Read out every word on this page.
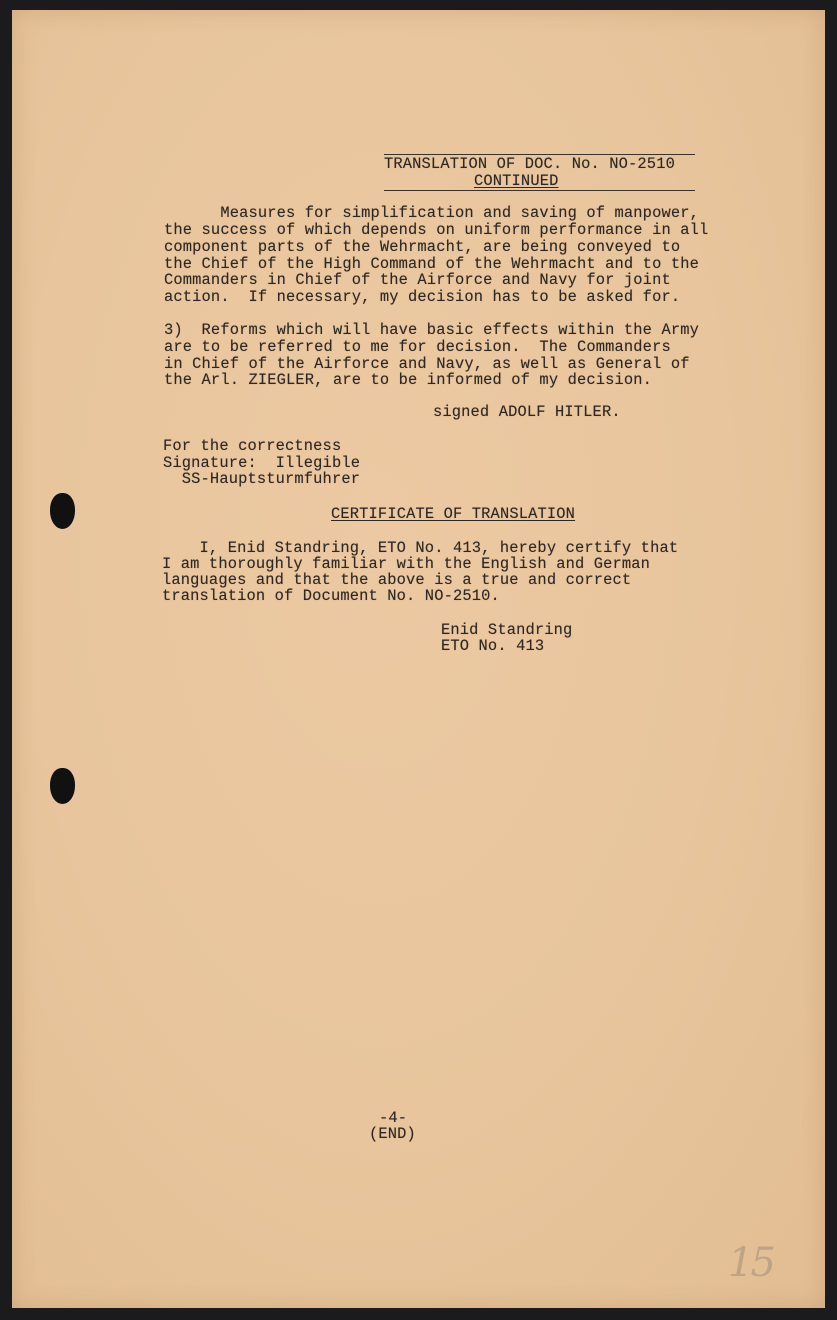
TRANSLATION OF DOC. No. NO-2510
CONTINUED
Measures for simplification and saving of manpower,
the success of which depends on uniform performance in all
component parts of the Wehrmacht, are being conveyed to
the Chief of the High Command of the Wehrmacht and to the
Commanders in Chief of the Airforce and Navy for joint
action.  If necessary, my decision has to be asked for.
3)  Reforms which will have basic effects within the Army
are to be referred to me for decision.  The Commanders
in Chief of the Airforce and Navy, as well as General of
the Arl. ZIEGLER, are to be informed of my decision.
signed ADOLF HITLER.
For the correctness
Signature:  Illegible
SS-Hauptsturmfuhrer
CERTIFICATE OF TRANSLATION
I, Enid Standring, ETO No. 413, hereby certify that
I am thoroughly familiar with the English and German
languages and that the above is a true and correct
translation of Document No. NO-2510.
Enid Standring
ETO No. 413
-4-
(END)
15
